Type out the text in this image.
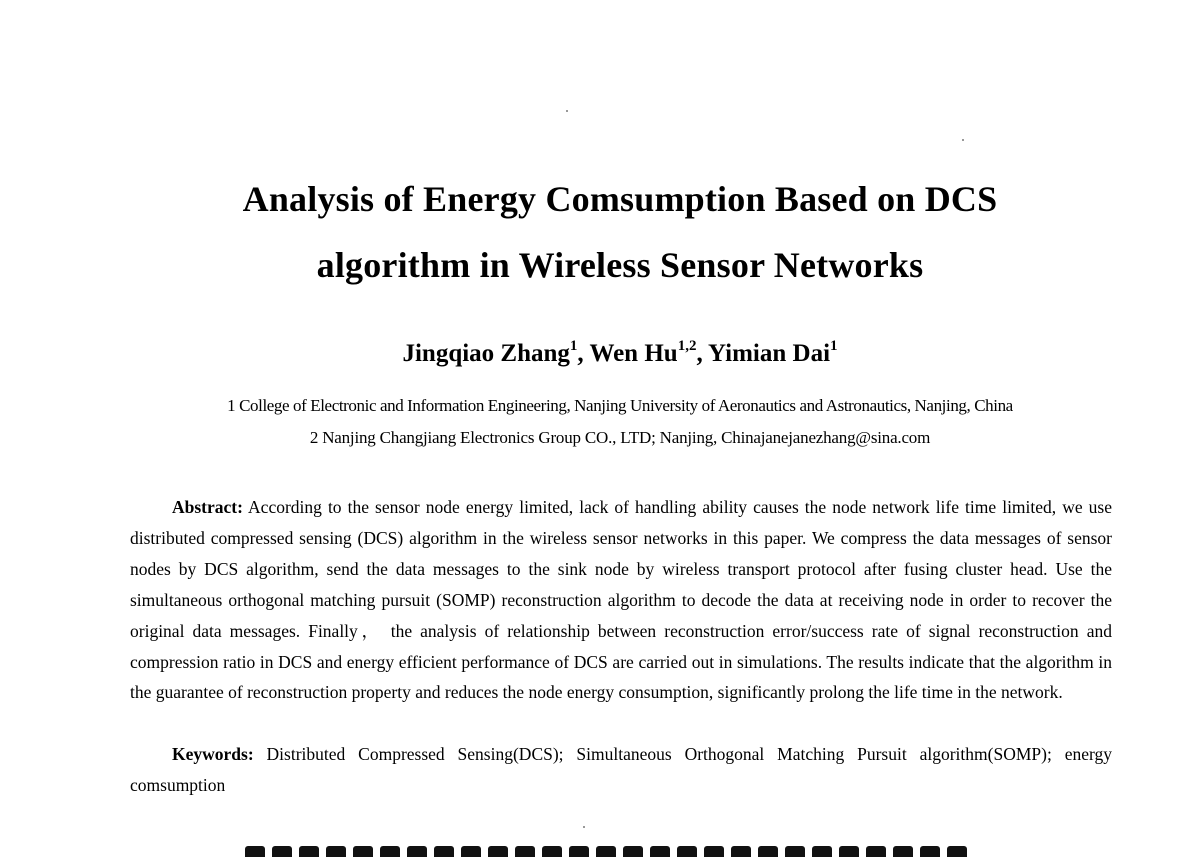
Analysis of Energy Comsumption Based on DCS
algorithm in Wireless Sensor Networks
Jingqiao Zhang$^1$, Wen Hu$^{1,2}$, Yimian Dai$^1$
1 College of Electronic and Information Engineering, Nanjing University of Aeronautics and Astronautics, Nanjing, China
2 Nanjing Changjiang Electronics Group CO., LTD; Nanjing, Chinajanejanezhang@sina.com

Abstract: According to the sensor node energy limited, lack of handling ability causes the node network life time limited, we use distributed compressed sensing (DCS) algorithm in the wireless sensor networks in this paper. We compress the data messages of sensor nodes by DCS algorithm, send the data messages to the sink node by wireless transport protocol after fusing cluster head. Use the simultaneous orthogonal matching pursuit (SOMP) reconstruction algorithm to decode the data at receiving node in order to recover the original data messages. Finally， the analysis of relationship between reconstruction error/success rate of signal reconstruction and compression ratio in DCS and energy efficient performance of DCS are carried out in simulations. The results indicate that the algorithm in the guarantee of reconstruction property and reduces the node energy consumption, significantly prolong the life time in the network.

Keywords: Distributed Compressed Sensing(DCS); Simultaneous Orthogonal Matching Pursuit algorithm(SOMP); energy comsumption
